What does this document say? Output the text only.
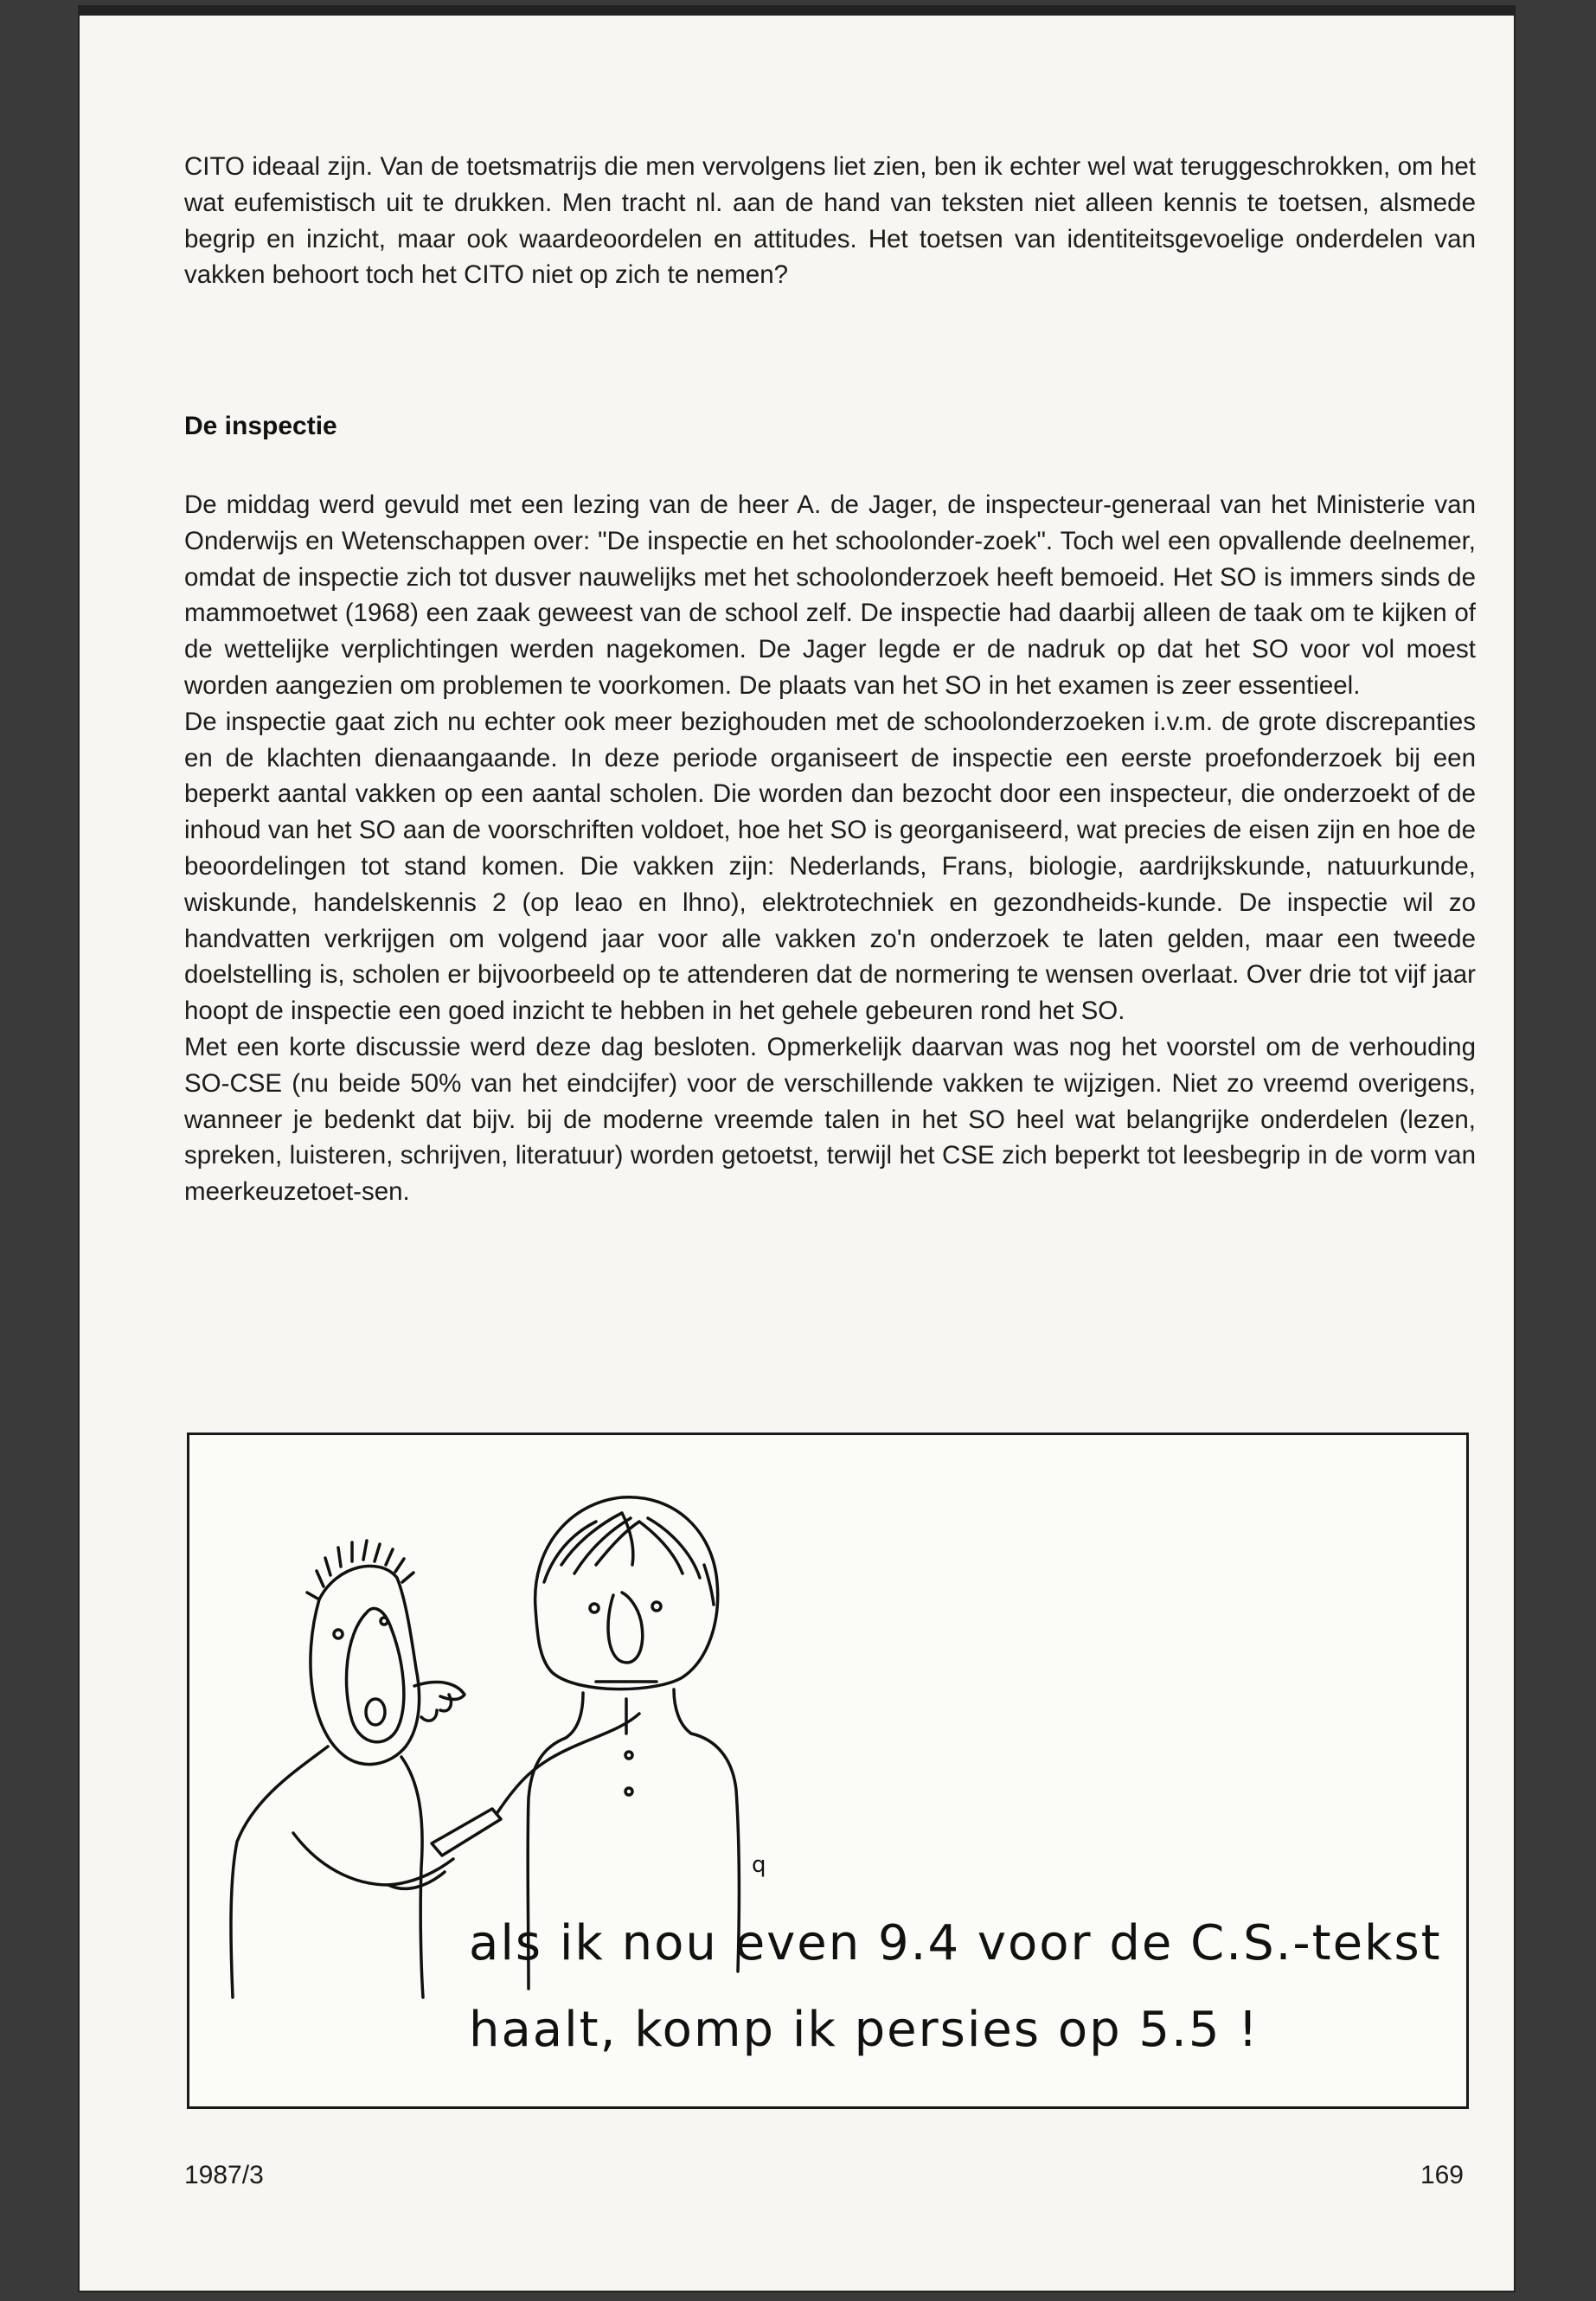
CITO ideaal zijn. Van de toetsmatrijs die men vervolgens liet zien, ben ik echter wel wat teruggeschrokken, om het wat eufemistisch uit te drukken. Men tracht nl. aan de hand van teksten niet alleen kennis te toetsen, alsmede begrip en inzicht, maar ook waardeoordelen en attitudes. Het toetsen van identiteitsgevoelige onderdelen van vakken behoort toch het CITO niet op zich te nemen?

De inspectie

De middag werd gevuld met een lezing van de heer A. de Jager, de inspecteur-generaal van het Ministerie van Onderwijs en Wetenschappen over: "De inspectie en het schoolonder-zoek". Toch wel een opvallende deelnemer, omdat de inspectie zich tot dusver nauwelijks met het schoolonderzoek heeft bemoeid. Het SO is immers sinds de mammoetwet (1968) een zaak geweest van de school zelf. De inspectie had daarbij alleen de taak om te kijken of de wettelijke verplichtingen werden nagekomen. De Jager legde er de nadruk op dat het SO voor vol moest worden aangezien om problemen te voorkomen. De plaats van het SO in het examen is zeer essentieel.

De inspectie gaat zich nu echter ook meer bezighouden met de schoolonderzoeken i.v.m. de grote discrepanties en de klachten dienaangaande. In deze periode organiseert de inspectie een eerste proefonderzoek bij een beperkt aantal vakken op een aantal scholen. Die worden dan bezocht door een inspecteur, die onderzoekt of de inhoud van het SO aan de voorschriften voldoet, hoe het SO is georganiseerd, wat precies de eisen zijn en hoe de beoordelingen tot stand komen. Die vakken zijn: Nederlands, Frans, biologie, aardrijkskunde, natuurkunde, wiskunde, handelskennis 2 (op leao en lhno), elektrotechniek en gezondheids-kunde. De inspectie wil zo handvatten verkrijgen om volgend jaar voor alle vakken zo'n onderzoek te laten gelden, maar een tweede doelstelling is, scholen er bijvoorbeeld op te attenderen dat de normering te wensen overlaat. Over drie tot vijf jaar hoopt de inspectie een goed inzicht te hebben in het gehele gebeuren rond het SO.

Met een korte discussie werd deze dag besloten. Opmerkelijk daarvan was nog het voorstel om de verhouding SO-CSE (nu beide 50% van het eindcijfer) voor de verschillende vakken te wijzigen. Niet zo vreemd overigens, wanneer je bedenkt dat bijv. bij de moderne vreemde talen in het SO heel wat belangrijke onderdelen (lezen, spreken, luisteren, schrijven, literatuur) worden getoetst, terwijl het CSE zich beperkt tot leesbegrip in de vorm van meerkeuzetoet-sen.

q
als ik nou even 9.4 voor de C.S.-tekst
haalt, komp ik persies op 5.5 !
1987/3	169
